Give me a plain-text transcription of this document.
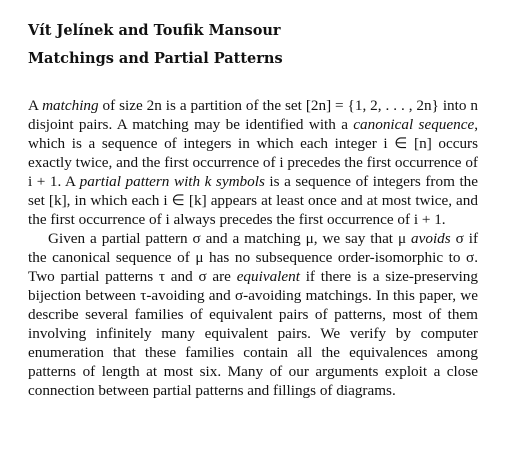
Vít Jelínek and Toufik Mansour
Matchings and Partial Patterns

A matching of size 2n is a partition of the set [2n] = {1, 2, . . . , 2n} into n disjoint pairs. A matching may be identified with a canonical sequence, which is a sequence of integers in which each integer i ∈ [n] occurs exactly twice, and the first occurrence of i precedes the first occurrence of i + 1. A partial pattern with k symbols is a sequence of integers from the set [k], in which each i ∈ [k] appears at least once and at most twice, and the first occurrence of i always precedes the first occurrence of i + 1.

Given a partial pattern σ and a matching μ, we say that μ avoids σ if the canonical sequence of μ has no subsequence order-isomorphic to σ. Two partial patterns τ and σ are equivalent if there is a size-preserving bijection between τ-avoiding and σ-avoiding matchings. In this paper, we describe several families of equivalent pairs of patterns, most of them involving infinitely many equivalent pairs. We verify by computer enumeration that these families contain all the equivalences among patterns of length at most six. Many of our arguments exploit a close connection between partial patterns and fillings of diagrams.
